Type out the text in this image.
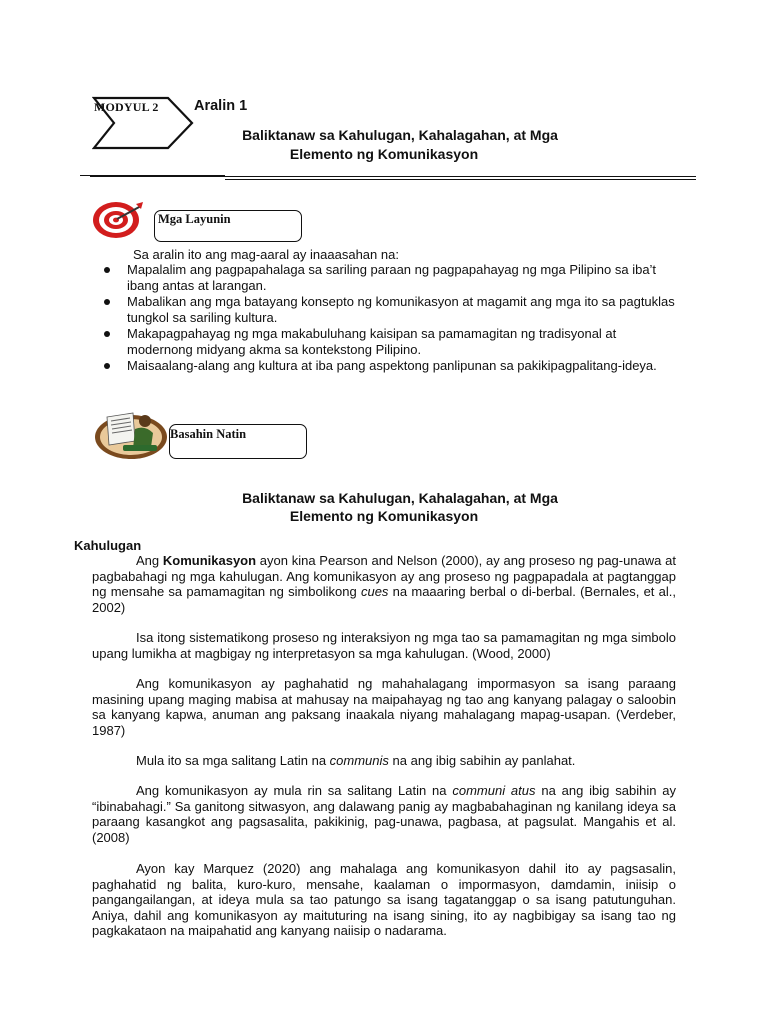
MODYUL 2 Aralin 1
Baliktanaw sa Kahulugan, Kahalagahan, at Mga
Elemento ng Komunikasyon
Mga Layunin
Sa aralin ito ang mag-aaral ay inaaasahan na:
Mapalalim ang pagpapahalaga sa sariling paraan ng pagpapahayag ng mga Pilipino sa iba’t ibang antas at larangan.
Mabalikan ang mga batayang konsepto ng komunikasyon at magamit ang mga ito sa pagtuklas tungkol sa sariling kultura.
Makapagpahayag ng mga makabuluhang kaisipan sa pamamagitan ng tradisyonal at modernong midyang akma sa kontekstong Pilipino.
Maisaalang-alang ang kultura at iba pang aspektong panlipunan sa pakikipagpalitang-ideya.
Basahin Natin
Baliktanaw sa Kahulugan, Kahalagahan, at Mga
Elemento ng Komunikasyon
Kahulugan
Ang Komunikasyon ayon kina Pearson and Nelson (2000), ay ang proseso ng pag-unawa at pagbabahagi ng mga kahulugan. Ang komunikasyon ay ang proseso ng pagpapadala at pagtanggap ng mensahe sa pamamagitan ng simbolikong cues na maaaring berbal o di-berbal. (Bernales, et al., 2002)
Isa itong sistematikong proseso ng interaksiyon ng mga tao sa pamamagitan ng mga simbolo upang lumikha at magbigay ng interpretasyon sa mga kahulugan. (Wood, 2000)
Ang komunikasyon ay paghahatid ng mahahalagang impormasyon sa isang paraang masining upang maging mabisa at mahusay na maipahayag ng tao ang kanyang palagay o saloobin sa kanyang kapwa, anuman ang paksang inaakala niyang mahalagang mapag-usapan. (Verdeber, 1987)
Mula ito sa mga salitang Latin na communis na ang ibig sabihin ay panlahat.
Ang komunikasyon ay mula rin sa salitang Latin na communi atus na ang ibig sabihin ay “ibinabahagi.” Sa ganitong sitwasyon, ang dalawang panig ay magbabahaginan ng kanilang ideya sa paraang kasangkot ang pagsasalita, pakikinig, pag-unawa, pagbasa, at pagsulat. Mangahis et al. (2008)
Ayon kay Marquez (2020) ang mahalaga ang komunikasyon dahil ito ay pagsasalin, paghahatid ng balita, kuro-kuro, mensahe, kaalaman o impormasyon, damdamin, iniisip o pangangailangan, at ideya mula sa tao patungo sa isang tagatanggap o sa isang patutunguhan. Aniya, dahil ang komunikasyon ay maituturing na isang sining, ito ay nagbibigay sa isang tao ng pagkakataon na maipahatid ang kanyang naiisip o nadarama.
